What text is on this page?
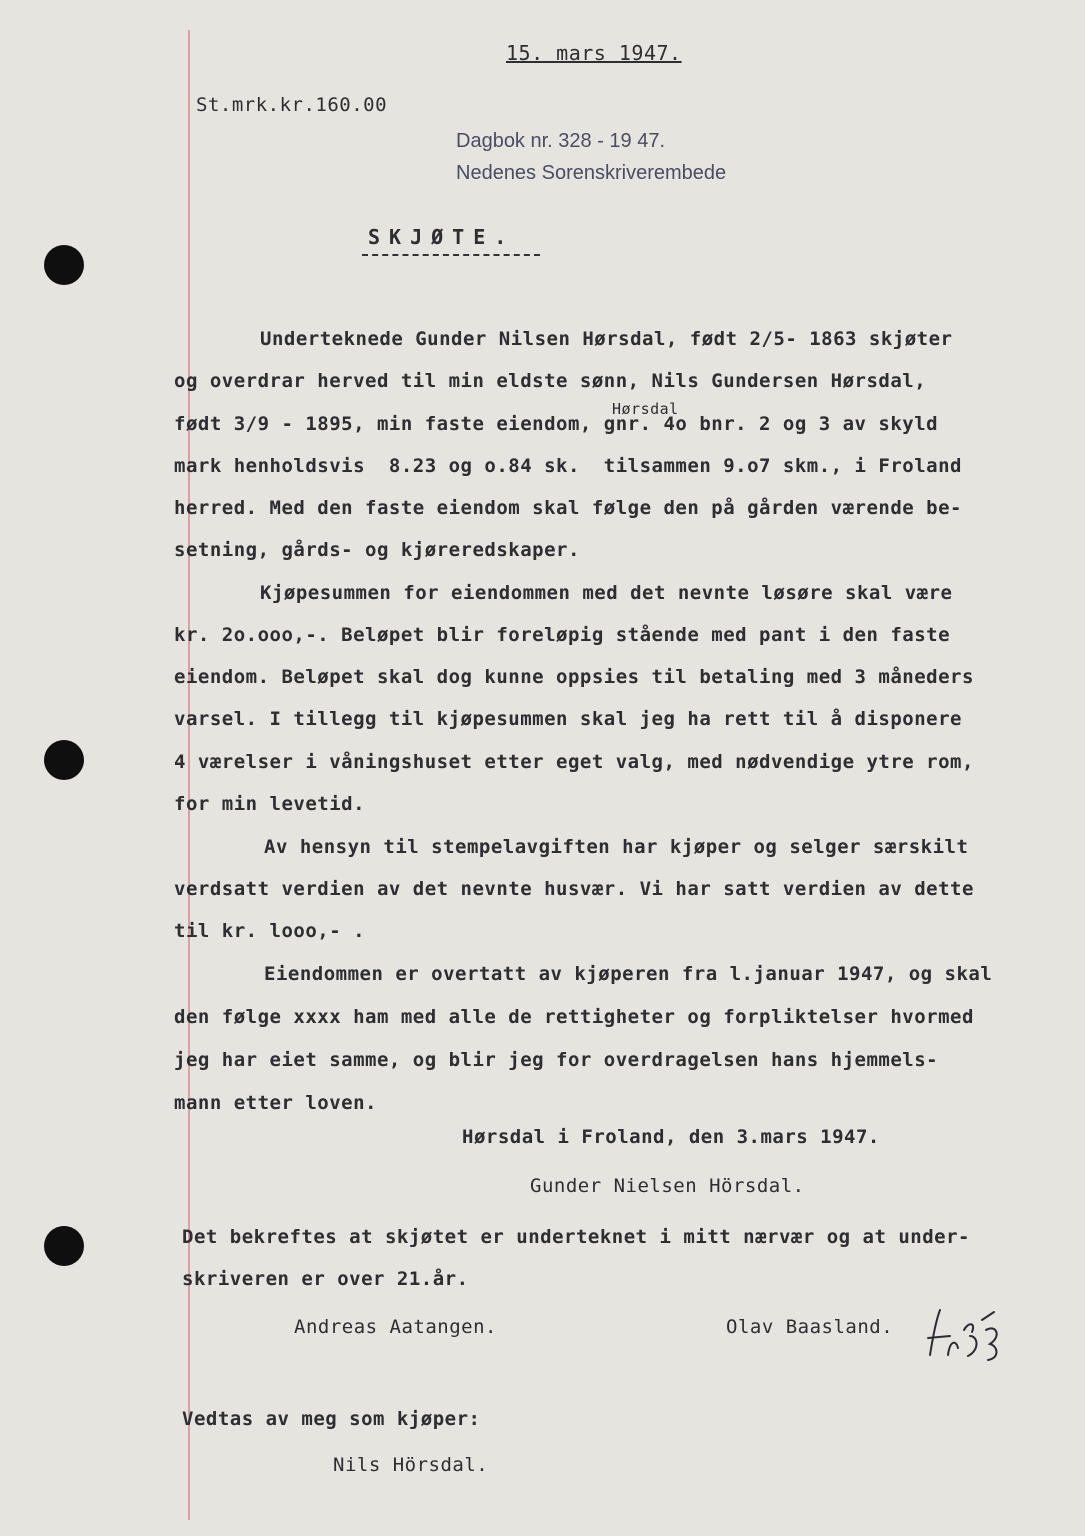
15. mars 1947.
St.mrk.kr.160.00
Dagbok nr. 328 - 19 47.
Nedenes Sorenskriverembede
SKJØTE.
Hørsdal
Underteknede Gunder Nilsen Hørsdal, født 2/5- 1863 skjøter
og overdrar herved til min eldste sønn, Nils Gundersen Hørsdal,
født 3/9 - 1895, min faste eiendom, gnr. 4o bnr. 2 og 3 av skyld
mark henholdsvis  8.23 og o.84 sk.  tilsammen 9.o7 skm., i Froland
herred. Med den faste eiendom skal følge den på gården værende be-
setning, gårds- og kjøreredskaper.
Kjøpesummen for eiendommen med det nevnte løsøre skal være
kr. 2o.ooo,-. Beløpet blir foreløpig stående med pant i den faste
eiendom. Beløpet skal dog kunne oppsies til betaling med 3 måneders
varsel. I tillegg til kjøpesummen skal jeg ha rett til å disponere
4 værelser i våningshuset etter eget valg, med nødvendige ytre rom,
for min levetid.
Av hensyn til stempelavgiften har kjøper og selger særskilt
verdsatt verdien av det nevnte husvær. Vi har satt verdien av dette
til kr. looo,- .
Eiendommen er overtatt av kjøperen fra l.januar 1947, og skal
den følge xxxx ham med alle de rettigheter og forpliktelser hvormed
jeg har eiet samme, og blir jeg for overdragelsen hans hjemmels-
mann etter loven.
Hørsdal i Froland, den 3.mars 1947.
Gunder Nielsen Hörsdal.
Det bekreftes at skjøtet er underteknet i mitt nærvær og at under-
skriveren er over 21.år.
Andreas Aatangen.	Olav Baasland.
Vedtas av meg som kjøper:
Nils Hörsdal.
